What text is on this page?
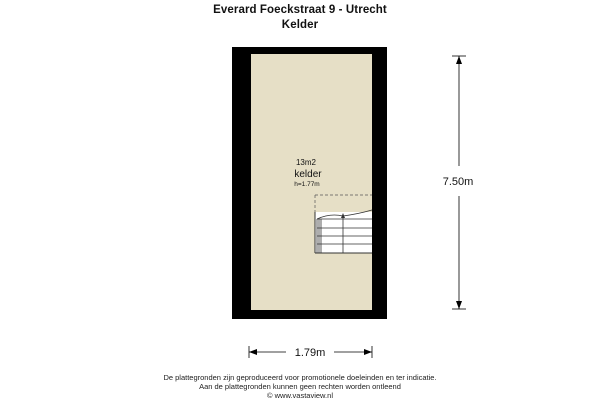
Everard Foeckstraat 9 - Utrecht
Kelder
13m2
kelder
h=1.77m	7.50m
1.79m
De plattegronden zijn geproduceerd voor promotionele doeleinden en ter indicatie.
Aan de plattegronden kunnen geen rechten worden ontleend
© www.vastaview.nl
